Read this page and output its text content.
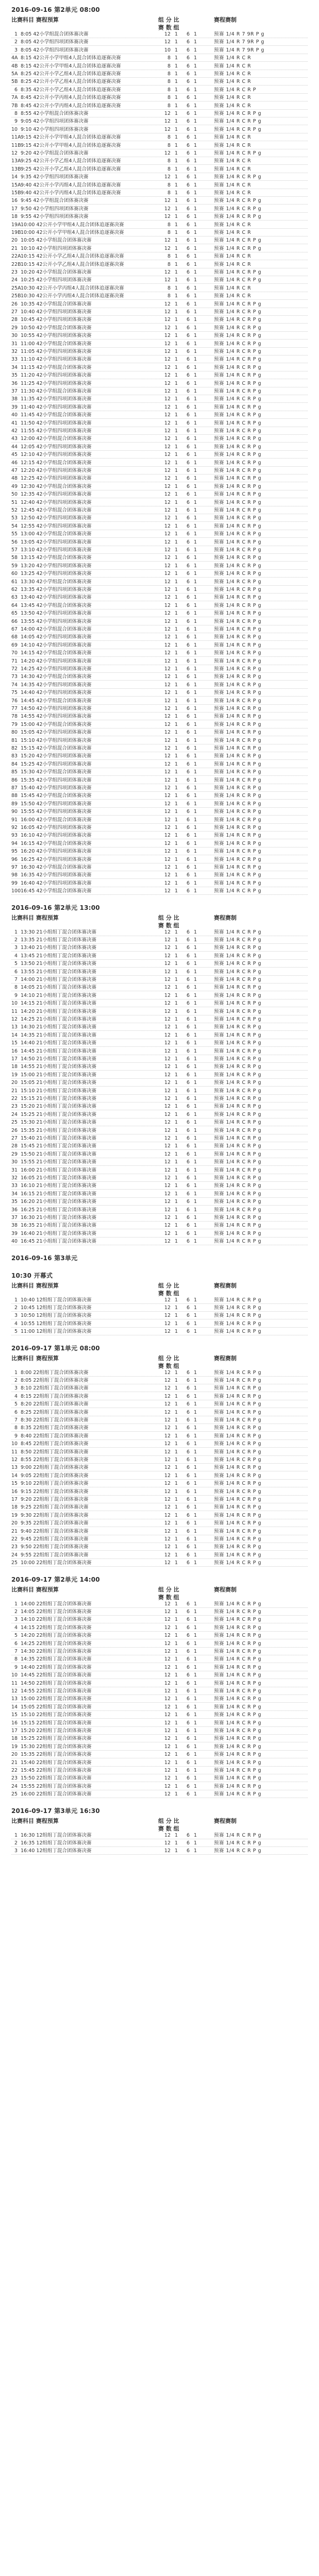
2016-09-16 第2单元 08:00
比赛科目 赛程预算	组 分 比	赛程赛制
赛 数 组
1 8:05 42小学组混合团体赛决赛	12 1	6 1	预赛 1/4 R 7 9R P g
2 8:05 42小学组四项团体赛决赛	12 1	6 1	预赛 1/4 R 7 9R P g
3 8:05 42小学组四项团体赛决赛	10 1	6 1	预赛 1/4 R 7 9R P g
4A 8:15 42公开小学甲组4人混合团体追逐赛决赛	8 1	6 1	预赛 1/4 R C R
4B 8:15 42公开小学甲组4人混合团体追逐赛决赛	8 1	6 1	预赛 1/4 R C R
5A 8:25 42公开小学乙组4人混合团体追逐赛决赛	8 1	6 1	预赛 1/4 R C R
5B 8:25 42公开小学乙组4人混合团体追逐赛决赛	8 1	6 1	预赛 1/4 R C R
6 8:35 42公开小学乙组4人混合团体追逐赛决赛	8 1	6 1	预赛 1/4 R C R P
7A 8:45 42公开小学丙组4人混合团体追逐赛决赛	8 1	6 1	预赛 1/4 R C R
7B 8:45 42公开小学丙组4人混合团体追逐赛决赛	8 1	6 1	预赛 1/4 R C R
8 8:55 42小学组混合团体赛决赛	12 1	6 1	预赛 1/4 R C R P g
9 9:05 42小学组四项团体赛决赛	12 1	6 1	预赛 1/4 R C R P g
10 9:10 42小学组四项团体赛决赛	12 1	6 1	预赛 1/4 R C R P g
11A 9:15 42公开小学甲组4人混合团体追逐赛决赛	8 1	6 1	预赛 1/4 R C R
11B 9:15 42公开小学甲组4人混合团体追逐赛决赛	8 1	6 1	预赛 1/4 R C R
12 9:20 42小学组混合团体赛决赛	12 1	6 1	预赛 1/4 R C R P g
13A 9:25 42公开小学乙组4人混合团体追逐赛决赛	8 1	6 1	预赛 1/4 R C R
13B 9:25 42公开小学乙组4人混合团体追逐赛决赛	8 1	6 1	预赛 1/4 R C R
14 9:35 42小学组四项团体赛决赛	12 1	6 1	预赛 1/4 R C R P g
15A 9:40 42公开小学丙组4人混合团体追逐赛决赛	8 1	6 1	预赛 1/4 R C R
15B 9:40 42公开小学丙组4人混合团体追逐赛决赛	8 1	6 1	预赛 1/4 R C R
16 9:45 42小学组混合团体赛决赛	12 1	6 1	预赛 1/4 R C R P g
17 9:50 42小学组四项团体赛决赛	12 1	6 1	预赛 1/4 R C R P g
18 9:55 42小学组四项团体赛决赛	12 1	6 1	预赛 1/4 R C R P g
19A 10:00 42公开小学甲组4人混合团体追逐赛决赛	8 1	6 1	预赛 1/4 R C R
19B 10:00 42公开小学甲组4人混合团体追逐赛决赛	8 1	6 1	预赛 1/4 R C R
20 10:05 42小学组混合团体赛决赛	12 1	6 1	预赛 1/4 R C R P g
21 10:10 42小学组四项团体赛决赛	12 1	6 1	预赛 1/4 R C R P g
22A 10:15 42公开小学乙组4人混合团体追逐赛决赛	8 1	6 1	预赛 1/4 R C R
22B 10:15 42公开小学乙组4人混合团体追逐赛决赛	8 1	6 1	预赛 1/4 R C R
23 10:20 42小学组混合团体赛决赛	12 1	6 1	预赛 1/4 R C R P g
24 10:25 42小学组四项团体赛决赛	12 1	6 1	预赛 1/4 R C R P g
25A 10:30 42公开小学丙组4人混合团体追逐赛决赛	8 1	6 1	预赛 1/4 R C R
25B 10:30 42公开小学丙组4人混合团体追逐赛决赛	8 1	6 1	预赛 1/4 R C R
26 10:35 42小学组混合团体赛决赛	12 1	6 1	预赛 1/4 R C R P g
27 10:40 42小学组四项团体赛决赛	12 1	6 1	预赛 1/4 R C R P g
28 10:45 42小学组四项团体赛决赛	12 1	6 1	预赛 1/4 R C R P g
29 10:50 42小学组混合团体赛决赛	12 1	6 1	预赛 1/4 R C R P g
30 10:55 42小学组四项团体赛决赛	12 1	6 1	预赛 1/4 R C R P g
31 11:00 42小学组混合团体赛决赛	12 1	6 1	预赛 1/4 R C R P g
32 11:05 42小学组四项团体赛决赛	12 1	6 1	预赛 1/4 R C R P g
33 11:10 42小学组四项团体赛决赛	12 1	6 1	预赛 1/4 R C R P g
34 11:15 42小学组混合团体赛决赛	12 1	6 1	预赛 1/4 R C R P g
35 11:20 42小学组四项团体赛决赛	12 1	6 1	预赛 1/4 R C R P g
36 11:25 42小学组四项团体赛决赛	12 1	6 1	预赛 1/4 R C R P g
37 11:30 42小学组混合团体赛决赛	12 1	6 1	预赛 1/4 R C R P g
38 11:35 42小学组四项团体赛决赛	12 1	6 1	预赛 1/4 R C R P g
39 11:40 42小学组四项团体赛决赛	12 1	6 1	预赛 1/4 R C R P g
40 11:45 42小学组混合团体赛决赛	12 1	6 1	预赛 1/4 R C R P g
41 11:50 42小学组四项团体赛决赛	12 1	6 1	预赛 1/4 R C R P g
42 11:55 42小学组四项团体赛决赛	12 1	6 1	预赛 1/4 R C R P g
43 12:00 42小学组混合团体赛决赛	12 1	6 1	预赛 1/4 R C R P g
44 12:05 42小学组四项团体赛决赛	12 1	6 1	预赛 1/4 R C R P g
45 12:10 42小学组四项团体赛决赛	12 1	6 1	预赛 1/4 R C R P g
46 12:15 42小学组混合团体赛决赛	12 1	6 1	预赛 1/4 R C R P g
47 12:20 42小学组四项团体赛决赛	12 1	6 1	预赛 1/4 R C R P g
48 12:25 42小学组四项团体赛决赛	12 1	6 1	预赛 1/4 R C R P g
49 12:30 42小学组混合团体赛决赛	12 1	6 1	预赛 1/4 R C R P g
50 12:35 42小学组四项团体赛决赛	12 1	6 1	预赛 1/4 R C R P g
51 12:40 42小学组四项团体赛决赛	12 1	6 1	预赛 1/4 R C R P g
52 12:45 42小学组混合团体赛决赛	12 1	6 1	预赛 1/4 R C R P g
53 12:50 42小学组四项团体赛决赛	12 1	6 1	预赛 1/4 R C R P g
54 12:55 42小学组四项团体赛决赛	12 1	6 1	预赛 1/4 R C R P g
55 13:00 42小学组混合团体赛决赛	12 1	6 1	预赛 1/4 R C R P g
56 13:05 42小学组四项团体赛决赛	12 1	6 1	预赛 1/4 R C R P g
57 13:10 42小学组四项团体赛决赛	12 1	6 1	预赛 1/4 R C R P g
58 13:15 42小学组混合团体赛决赛	12 1	6 1	预赛 1/4 R C R P g
59 13:20 42小学组四项团体赛决赛	12 1	6 1	预赛 1/4 R C R P g
60 13:25 42小学组四项团体赛决赛	12 1	6 1	预赛 1/4 R C R P g
61 13:30 42小学组混合团体赛决赛	12 1	6 1	预赛 1/4 R C R P g
62 13:35 42小学组四项团体赛决赛	12 1	6 1	预赛 1/4 R C R P g
63 13:40 42小学组四项团体赛决赛	12 1	6 1	预赛 1/4 R C R P g
64 13:45 42小学组混合团体赛决赛	12 1	6 1	预赛 1/4 R C R P g
65 13:50 42小学组四项团体赛决赛	12 1	6 1	预赛 1/4 R C R P g
66 13:55 42小学组四项团体赛决赛	12 1	6 1	预赛 1/4 R C R P g
67 14:00 42小学组混合团体赛决赛	12 1	6 1	预赛 1/4 R C R P g
68 14:05 42小学组四项团体赛决赛	12 1	6 1	预赛 1/4 R C R P g
69 14:10 42小学组四项团体赛决赛	12 1	6 1	预赛 1/4 R C R P g
70 14:15 42小学组混合团体赛决赛	12 1	6 1	预赛 1/4 R C R P g
71 14:20 42小学组四项团体赛决赛	12 1	6 1	预赛 1/4 R C R P g
72 14:25 42小学组四项团体赛决赛	12 1	6 1	预赛 1/4 R C R P g
73 14:30 42小学组混合团体赛决赛	12 1	6 1	预赛 1/4 R C R P g
74 14:35 42小学组四项团体赛决赛	12 1	6 1	预赛 1/4 R C R P g
75 14:40 42小学组四项团体赛决赛	12 1	6 1	预赛 1/4 R C R P g
76 14:45 42小学组混合团体赛决赛	12 1	6 1	预赛 1/4 R C R P g
77 14:50 42小学组四项团体赛决赛	12 1	6 1	预赛 1/4 R C R P g
78 14:55 42小学组四项团体赛决赛	12 1	6 1	预赛 1/4 R C R P g
79 15:00 42小学组混合团体赛决赛	12 1	6 1	预赛 1/4 R C R P g
80 15:05 42小学组四项团体赛决赛	12 1	6 1	预赛 1/4 R C R P g
81 15:10 42小学组四项团体赛决赛	12 1	6 1	预赛 1/4 R C R P g
82 15:15 42小学组混合团体赛决赛	12 1	6 1	预赛 1/4 R C R P g
83 15:20 42小学组四项团体赛决赛	12 1	6 1	预赛 1/4 R C R P g
84 15:25 42小学组四项团体赛决赛	12 1	6 1	预赛 1/4 R C R P g
85 15:30 42小学组混合团体赛决赛	12 1	6 1	预赛 1/4 R C R P g
86 15:35 42小学组四项团体赛决赛	12 1	6 1	预赛 1/4 R C R P g
87 15:40 42小学组四项团体赛决赛	12 1	6 1	预赛 1/4 R C R P g
88 15:45 42小学组混合团体赛决赛	12 1	6 1	预赛 1/4 R C R P g
89 15:50 42小学组四项团体赛决赛	12 1	6 1	预赛 1/4 R C R P g
90 15:55 42小学组四项团体赛决赛	12 1	6 1	预赛 1/4 R C R P g
91 16:00 42小学组混合团体赛决赛	12 1	6 1	预赛 1/4 R C R P g
92 16:05 42小学组四项团体赛决赛	12 1	6 1	预赛 1/4 R C R P g
93 16:10 42小学组四项团体赛决赛	12 1	6 1	预赛 1/4 R C R P g
94 16:15 42小学组混合团体赛决赛	12 1	6 1	预赛 1/4 R C R P g
95 16:20 42小学组四项团体赛决赛	12 1	6 1	预赛 1/4 R C R P g
96 16:25 42小学组四项团体赛决赛	12 1	6 1	预赛 1/4 R C R P g
97 16:30 42小学组混合团体赛决赛	12 1	6 1	预赛 1/4 R C R P g
98 16:35 42小学组四项团体赛决赛	12 1	6 1	预赛 1/4 R C R P g
99 16:40 42小学组四项团体赛决赛	12 1	6 1	预赛 1/4 R C R P g
100 16:45 42小学组混合团体赛决赛	12 1	6 1	预赛 1/4 R C R P g
2016-09-16 第2单元 13:00
比赛科目 赛程预算	组 分 比	赛程赛制
赛 数 组
1 13:30 21小组组丁混合团体赛决赛	12 1	6 1	预赛 1/4 R C R P g
2 13:35 21小组组丁混合团体赛决赛	12 1	6 1	预赛 1/4 R C R P g
3 13:40 21小组组丁混合团体赛决赛	12 1	6 1	预赛 1/4 R C R P g
4 13:45 21小组组丁混合团体赛决赛	12 1	6 1	预赛 1/4 R C R P g
5 13:50 21小组组丁混合团体赛决赛	12 1	6 1	预赛 1/4 R C R P g
6 13:55 21小组组丁混合团体赛决赛	12 1	6 1	预赛 1/4 R C R P g
7 14:00 21小组组丁混合团体赛决赛	12 1	6 1	预赛 1/4 R C R P g
8 14:05 21小组组丁混合团体赛决赛	12 1	6 1	预赛 1/4 R C R P g
9 14:10 21小组组丁混合团体赛决赛	12 1	6 1	预赛 1/4 R C R P g
10 14:15 21小组组丁混合团体赛决赛	12 1	6 1	预赛 1/4 R C R P g
11 14:20 21小组组丁混合团体赛决赛	12 1	6 1	预赛 1/4 R C R P g
12 14:25 21小组组丁混合团体赛决赛	12 1	6 1	预赛 1/4 R C R P g
13 14:30 21小组组丁混合团体赛决赛	12 1	6 1	预赛 1/4 R C R P g
14 14:35 21小组组丁混合团体赛决赛	12 1	6 1	预赛 1/4 R C R P g
15 14:40 21小组组丁混合团体赛决赛	12 1	6 1	预赛 1/4 R C R P g
16 14:45 21小组组丁混合团体赛决赛	12 1	6 1	预赛 1/4 R C R P g
17 14:50 21小组组丁混合团体赛决赛	12 1	6 1	预赛 1/4 R C R P g
18 14:55 21小组组丁混合团体赛决赛	12 1	6 1	预赛 1/4 R C R P g
19 15:00 21小组组丁混合团体赛决赛	12 1	6 1	预赛 1/4 R C R P g
20 15:05 21小组组丁混合团体赛决赛	12 1	6 1	预赛 1/4 R C R P g
21 15:10 21小组组丁混合团体赛决赛	12 1	6 1	预赛 1/4 R C R P g
22 15:15 21小组组丁混合团体赛决赛	12 1	6 1	预赛 1/4 R C R P g
23 15:20 21小组组丁混合团体赛决赛	12 1	6 1	预赛 1/4 R C R P g
24 15:25 21小组组丁混合团体赛决赛	12 1	6 1	预赛 1/4 R C R P g
25 15:30 21小组组丁混合团体赛决赛	12 1	6 1	预赛 1/4 R C R P g
26 15:35 21小组组丁混合团体赛决赛	12 1	6 1	预赛 1/4 R C R P g
27 15:40 21小组组丁混合团体赛决赛	12 1	6 1	预赛 1/4 R C R P g
28 15:45 21小组组丁混合团体赛决赛	12 1	6 1	预赛 1/4 R C R P g
29 15:50 21小组组丁混合团体赛决赛	12 1	6 1	预赛 1/4 R C R P g
30 15:55 21小组组丁混合团体赛决赛	12 1	6 1	预赛 1/4 R C R P g
31 16:00 21小组组丁混合团体赛决赛	12 1	6 1	预赛 1/4 R C R P g
32 16:05 21小组组丁混合团体赛决赛	12 1	6 1	预赛 1/4 R C R P g
33 16:10 21小组组丁混合团体赛决赛	12 1	6 1	预赛 1/4 R C R P g
34 16:15 21小组组丁混合团体赛决赛	12 1	6 1	预赛 1/4 R C R P g
35 16:20 21小组组丁混合团体赛决赛	12 1	6 1	预赛 1/4 R C R P g
36 16:25 21小组组丁混合团体赛决赛	12 1	6 1	预赛 1/4 R C R P g
37 16:30 21小组组丁混合团体赛决赛	12 1	6 1	预赛 1/4 R C R P g
38 16:35 21小组组丁混合团体赛决赛	12 1	6 1	预赛 1/4 R C R P g
39 16:40 21小组组丁混合团体赛决赛	12 1	6 1	预赛 1/4 R C R P g
40 16:45 21小组组丁混合团体赛决赛	12 1	6 1	预赛 1/4 R C R P g
2016-09-16 第3单元
10:30 开幕式
比赛科目 赛程预算	组 分 比	赛程赛制
赛 数 组
1 10:40 12组组丁混合团体赛决赛	12 1	6 1	预赛 1/4 R C R P g
2 10:45 12组组丁混合团体赛决赛	12 1	6 1	预赛 1/4 R C R P g
3 10:50 12组组丁混合团体赛决赛	12 1	6 1	预赛 1/4 R C R P g
4 10:55 12组组丁混合团体赛决赛	12 1	6 1	预赛 1/4 R C R P g
5 11:00 12组组丁混合团体赛决赛	12 1	6 1	预赛 1/4 R C R P g
2016-09-17 第1单元 08:00
比赛科目 赛程预算	组 分 比	赛程赛制
赛 数 组
1 8:00 22组组丁混合团体赛决赛	12 1	6 1	预赛 1/4 R C R P g
2 8:05 22组组丁混合团体赛决赛	12 1	6 1	预赛 1/4 R C R P g
3 8:10 22组组丁混合团体赛决赛	12 1	6 1	预赛 1/4 R C R P g
4 8:15 22组组丁混合团体赛决赛	12 1	6 1	预赛 1/4 R C R P g
5 8:20 22组组丁混合团体赛决赛	12 1	6 1	预赛 1/4 R C R P g
6 8:25 22组组丁混合团体赛决赛	12 1	6 1	预赛 1/4 R C R P g
7 8:30 22组组丁混合团体赛决赛	12 1	6 1	预赛 1/4 R C R P g
8 8:35 22组组丁混合团体赛决赛	12 1	6 1	预赛 1/4 R C R P g
9 8:40 22组组丁混合团体赛决赛	12 1	6 1	预赛 1/4 R C R P g
10 8:45 22组组丁混合团体赛决赛	12 1	6 1	预赛 1/4 R C R P g
11 8:50 22组组丁混合团体赛决赛	12 1	6 1	预赛 1/4 R C R P g
12 8:55 22组组丁混合团体赛决赛	12 1	6 1	预赛 1/4 R C R P g
13 9:00 22组组丁混合团体赛决赛	12 1	6 1	预赛 1/4 R C R P g
14 9:05 22组组丁混合团体赛决赛	12 1	6 1	预赛 1/4 R C R P g
15 9:10 22组组丁混合团体赛决赛	12 1	6 1	预赛 1/4 R C R P g
16 9:15 22组组丁混合团体赛决赛	12 1	6 1	预赛 1/4 R C R P g
17 9:20 22组组丁混合团体赛决赛	12 1	6 1	预赛 1/4 R C R P g
18 9:25 22组组丁混合团体赛决赛	12 1	6 1	预赛 1/4 R C R P g
19 9:30 22组组丁混合团体赛决赛	12 1	6 1	预赛 1/4 R C R P g
20 9:35 22组组丁混合团体赛决赛	12 1	6 1	预赛 1/4 R C R P g
21 9:40 22组组丁混合团体赛决赛	12 1	6 1	预赛 1/4 R C R P g
22 9:45 22组组丁混合团体赛决赛	12 1	6 1	预赛 1/4 R C R P g
23 9:50 22组组丁混合团体赛决赛	12 1	6 1	预赛 1/4 R C R P g
24 9:55 22组组丁混合团体赛决赛	12 1	6 1	预赛 1/4 R C R P g
25 10:00 22组组丁混合团体赛决赛	12 1	6 1	预赛 1/4 R C R P g
2016-09-17 第2单元 14:00
比赛科目 赛程预算	组 分 比	赛程赛制
赛 数 组
1 14:00 22组组丁混合团体赛决赛	12 1	6 1	预赛 1/4 R C R P g
2 14:05 22组组丁混合团体赛决赛	12 1	6 1	预赛 1/4 R C R P g
3 14:10 22组组丁混合团体赛决赛	12 1	6 1	预赛 1/4 R C R P g
4 14:15 22组组丁混合团体赛决赛	12 1	6 1	预赛 1/4 R C R P g
5 14:20 22组组丁混合团体赛决赛	12 1	6 1	预赛 1/4 R C R P g
6 14:25 22组组丁混合团体赛决赛	12 1	6 1	预赛 1/4 R C R P g
7 14:30 22组组丁混合团体赛决赛	12 1	6 1	预赛 1/4 R C R P g
8 14:35 22组组丁混合团体赛决赛	12 1	6 1	预赛 1/4 R C R P g
9 14:40 22组组丁混合团体赛决赛	12 1	6 1	预赛 1/4 R C R P g
10 14:45 22组组丁混合团体赛决赛	12 1	6 1	预赛 1/4 R C R P g
11 14:50 22组组丁混合团体赛决赛	12 1	6 1	预赛 1/4 R C R P g
12 14:55 22组组丁混合团体赛决赛	12 1	6 1	预赛 1/4 R C R P g
13 15:00 22组组丁混合团体赛决赛	12 1	6 1	预赛 1/4 R C R P g
14 15:05 22组组丁混合团体赛决赛	12 1	6 1	预赛 1/4 R C R P g
15 15:10 22组组丁混合团体赛决赛	12 1	6 1	预赛 1/4 R C R P g
16 15:15 22组组丁混合团体赛决赛	12 1	6 1	预赛 1/4 R C R P g
17 15:20 22组组丁混合团体赛决赛	12 1	6 1	预赛 1/4 R C R P g
18 15:25 22组组丁混合团体赛决赛	12 1	6 1	预赛 1/4 R C R P g
19 15:30 22组组丁混合团体赛决赛	12 1	6 1	预赛 1/4 R C R P g
20 15:35 22组组丁混合团体赛决赛	12 1	6 1	预赛 1/4 R C R P g
21 15:40 22组组丁混合团体赛决赛	12 1	6 1	预赛 1/4 R C R P g
22 15:45 22组组丁混合团体赛决赛	12 1	6 1	预赛 1/4 R C R P g
23 15:50 22组组丁混合团体赛决赛	12 1	6 1	预赛 1/4 R C R P g
24 15:55 22组组丁混合团体赛决赛	12 1	6 1	预赛 1/4 R C R P g
25 16:00 22组组丁混合团体赛决赛	12 1	6 1	预赛 1/4 R C R P g
2016-09-17 第3单元 16:30
比赛科目 赛程预算	组 分 比	赛程赛制
赛 数 组
1 16:30 12组组丁混合团体赛决赛	12 1	6 1	预赛 1/4 R C R P g
2 16:35 12组组丁混合团体赛决赛	12 1	6 1	预赛 1/4 R C R P g
3 16:40 12组组丁混合团体赛决赛	12 1	6 1	预赛 1/4 R C R P g
